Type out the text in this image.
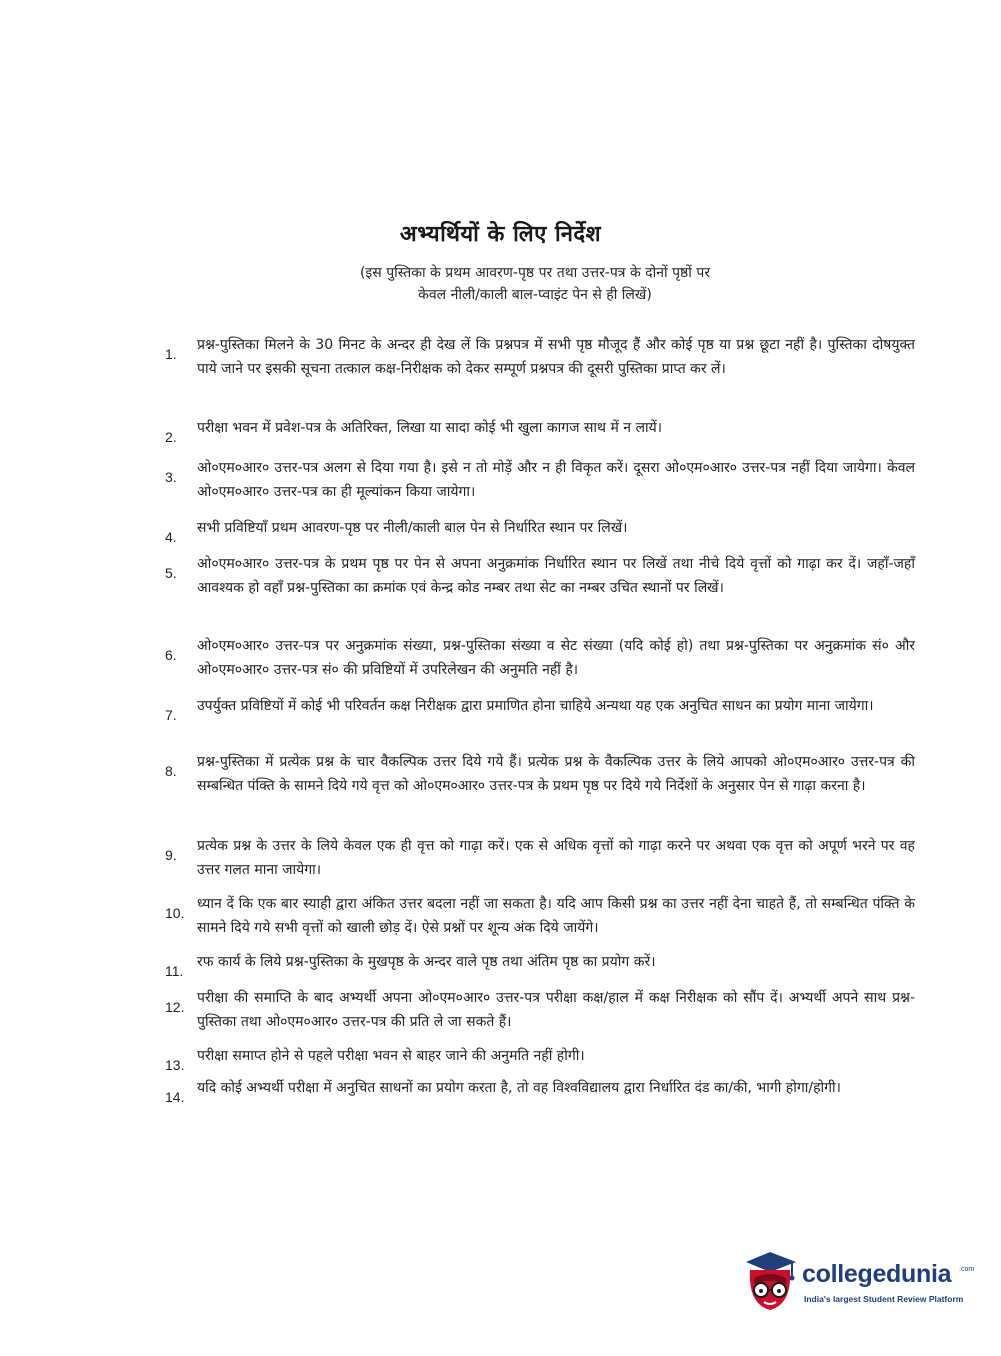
अभ्यर्थियों के लिए निर्देश
(इस पुस्तिका के प्रथम आवरण-पृष्ठ पर तथा उत्तर-पत्र के दोनों पृष्ठों पर
केवल नीली/काली बाल-प्वाइंट पेन से ही लिखें)
1.
प्रश्न-पुस्तिका मिलने के 30 मिनट के अन्दर ही देख लें कि प्रश्नपत्र में सभी पृष्ठ मौजूद हैं और कोई पृष्ठ या प्रश्न छूटा नहीं है। पुस्तिका दोषयुक्त पाये जाने पर इसकी सूचना तत्काल कक्ष-निरीक्षक को देकर सम्पूर्ण प्रश्नपत्र की दूसरी पुस्तिका प्राप्त कर लें।
2.
परीक्षा भवन में प्रवेश-पत्र के अतिरिक्त, लिखा या सादा कोई भी खुला कागज साथ में न लायें।
3.
ओ०एम०आर० उत्तर-पत्र अलग से दिया गया है। इसे न तो मोड़ें और न ही विकृत करें। दूसरा ओ०एम०आर० उत्तर-पत्र नहीं दिया जायेगा। केवल ओ०एम०आर० उत्तर-पत्र का ही मूल्यांकन किया जायेगा।
4.
सभी प्रविष्टियाँ प्रथम आवरण-पृष्ठ पर नीली/काली बाल पेन से निर्धारित स्थान पर लिखें।
5.
ओ०एम०आर० उत्तर-पत्र के प्रथम पृष्ठ पर पेन से अपना अनुक्रमांक निर्धारित स्थान पर लिखें तथा नीचे दिये वृत्तों को गाढ़ा कर दें। जहाँ-जहाँ आवश्यक हो वहाँ प्रश्न-पुस्तिका का क्रमांक एवं केन्द्र कोड नम्बर तथा सेट का नम्बर उचित स्थानों पर लिखें।
6.
ओ०एम०आर० उत्तर-पत्र पर अनुक्रमांक संख्या, प्रश्न-पुस्तिका संख्या व सेट संख्या (यदि कोई हो) तथा प्रश्न-पुस्तिका पर अनुक्रमांक सं० और ओ०एम०आर० उत्तर-पत्र सं० की प्रविष्टियों में उपरिलेखन की अनुमति नहीं है।
7.
उपर्युक्त प्रविष्टियों में कोई भी परिवर्तन कक्ष निरीक्षक द्वारा प्रमाणित होना चाहिये अन्यथा यह एक अनुचित साधन का प्रयोग माना जायेगा।
8.
प्रश्न-पुस्तिका में प्रत्येक प्रश्न के चार वैकल्पिक उत्तर दिये गये हैं। प्रत्येक प्रश्न के वैकल्पिक उत्तर के लिये आपको ओ०एम०आर० उत्तर-पत्र की सम्बन्धित पंक्ति के सामने दिये गये वृत्त को ओ०एम०आर० उत्तर-पत्र के प्रथम पृष्ठ पर दिये गये निर्देशों के अनुसार पेन से गाढ़ा करना है।
9.
प्रत्येक प्रश्न के उत्तर के लिये केवल एक ही वृत्त को गाढ़ा करें। एक से अधिक वृत्तों को गाढ़ा करने पर अथवा एक वृत्त को अपूर्ण भरने पर वह उत्तर गलत माना जायेगा।
10.
ध्यान दें कि एक बार स्याही द्वारा अंकित उत्तर बदला नहीं जा सकता है। यदि आप किसी प्रश्न का उत्तर नहीं देना चाहते हैं, तो सम्बन्धित पंक्ति के सामने दिये गये सभी वृत्तों को खाली छोड़ दें। ऐसे प्रश्नों पर शून्य अंक दिये जायेंगे।
11.
रफ कार्य के लिये प्रश्न-पुस्तिका के मुखपृष्ठ के अन्दर वाले पृष्ठ तथा अंतिम पृष्ठ का प्रयोग करें।
12.
परीक्षा की समाप्ति के बाद अभ्यर्थी अपना ओ०एम०आर० उत्तर-पत्र परीक्षा कक्ष/हाल में कक्ष निरीक्षक को सौंप दें। अभ्यर्थी अपने साथ प्रश्न-पुस्तिका तथा ओ०एम०आर० उत्तर-पत्र की प्रति ले जा सकते हैं।
13.
परीक्षा समाप्त होने से पहले परीक्षा भवन से बाहर जाने की अनुमति नहीं होगी।
14.
यदि कोई अभ्यर्थी परीक्षा में अनुचित साधनों का प्रयोग करता है, तो वह विश्वविद्यालय द्वारा निर्धारित दंड का/की, भागी होगा/होगी।
collegedunia .com
India's largest Student Review Platform
